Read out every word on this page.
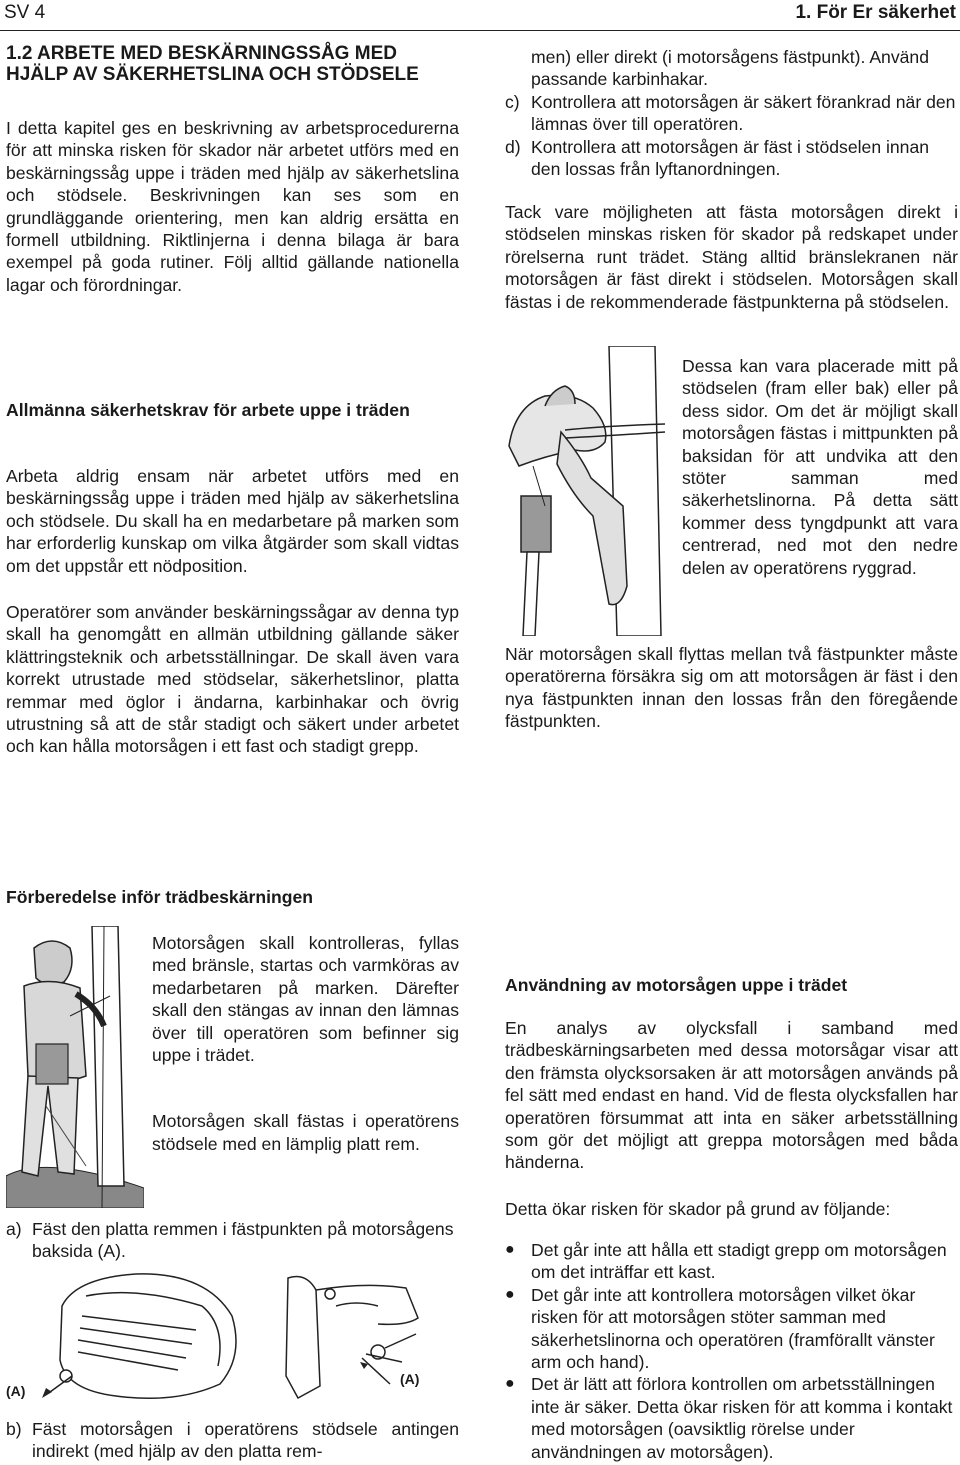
SV 4	1. För Er säkerhet
1.2 ARBETE MED BESKÄRNINGSSÅG MED HJÄLP AV SÄKERHETSLINA OCH STÖDSELE

I detta kapitel ges en beskrivning av arbetsprocedurerna för att minska risken för skador när arbetet utförs med en beskärningssåg uppe i träden med hjälp av säkerhetslina och stödsele. Beskrivningen kan ses som en grundläggande orientering, men kan aldrig ersätta en formell utbildning. Riktlinjerna i denna bilaga är bara exempel på goda rutiner. Följ alltid gällande nationella lagar och förordningar.

Allmänna säkerhetskrav för arbete uppe i träden

Arbeta aldrig ensam när arbetet utförs med en beskärningssåg uppe i träden med hjälp av säkerhetslina och stödsele. Du skall ha en medarbetare på marken som har erforderlig kunskap om vilka åtgärder som skall vidtas om det uppstår ett nödposition.

Operatörer som använder beskärningssågar av denna typ skall ha genomgått en allmän utbildning gällande säker klättringsteknik och arbetsställningar. De skall även vara korrekt utrustade med stödselar, säkerhetslinor, platta remmar med öglor i ändarna, karbinhakar och övrig utrustning så att de står stadigt och säkert under arbetet och kan hålla motorsågen i ett fast och stadigt grepp.

Förberedelse inför trädbeskärningen

Motorsågen skall kontrolleras, fyllas med bränsle, startas och varmköras av medarbetaren på marken. Därefter skall den stängas av innan den lämnas över till operatören som befinner sig uppe i trädet.

Motorsågen skall fästas i operatörens stödsele med en lämplig platt rem.

a) Fäst den platta remmen i fästpunkten på motorsågens baksida (A).
(A)
(A)
b) Fäst motorsågen i operatörens stödsele antingen indirekt (med hjälp av den platta rem-
men) eller direkt (i motorsågens fästpunkt). Använd passande karbinhakar.
c) Kontrollera att motorsågen är säkert förankrad när den lämnas över till operatören.
d) Kontrollera att motorsågen är fäst i stödselen innan den lossas från lyftanordningen.
Tack vare möjligheten att fästa motorsågen direkt i stödselen minskas risken för skador på redskapet under rörelserna runt trädet. Stäng alltid bränslekranen när motorsågen är fäst direkt i stödselen. Motorsågen skall fästas i de rekommenderade fästpunkterna på stödselen.
Dessa kan vara placerade mitt på stödselen (fram eller bak) eller på dess sidor. Om det är möjligt skall motorsågen fästas i mittpunkten på baksidan för att undvika att den stöter samman med säkerhetslinorna. På detta sätt kommer dess tyngdpunkt att vara centrerad, ned mot den nedre delen av operatörens ryggrad.
När motorsågen skall flyttas mellan två fästpunkter måste operatörerna försäkra sig om att motorsågen är fäst i den nya fästpunkten innan den lossas från den föregående fästpunkten.
Användning av motorsågen uppe i trädet

En analys av olycksfall i samband med trädbeskärningsarbeten med dessa motorsågar visar att den främsta olycksorsaken är att motorsågen används på fel sätt med endast en hand. Vid de flesta olycksfallen har operatören försummat att inta en säker arbetsställning som gör det möjligt att greppa motorsågen med båda händerna.

Detta ökar risken för skador på grund av följande:

● Det går inte att hålla ett stadigt grepp om motorsågen om det inträffar ett kast.
● Det går inte att kontrollera motorsågen vilket ökar risken för att motorsågen stöter samman med säkerhetslinorna och operatören (framförallt vänster arm och hand).
● Det är lätt att förlora kontrollen om arbetsställningen inte är säker. Detta ökar risken för att komma i kontakt med motorsågen (oavsiktlig rörelse under användningen av motorsågen).
